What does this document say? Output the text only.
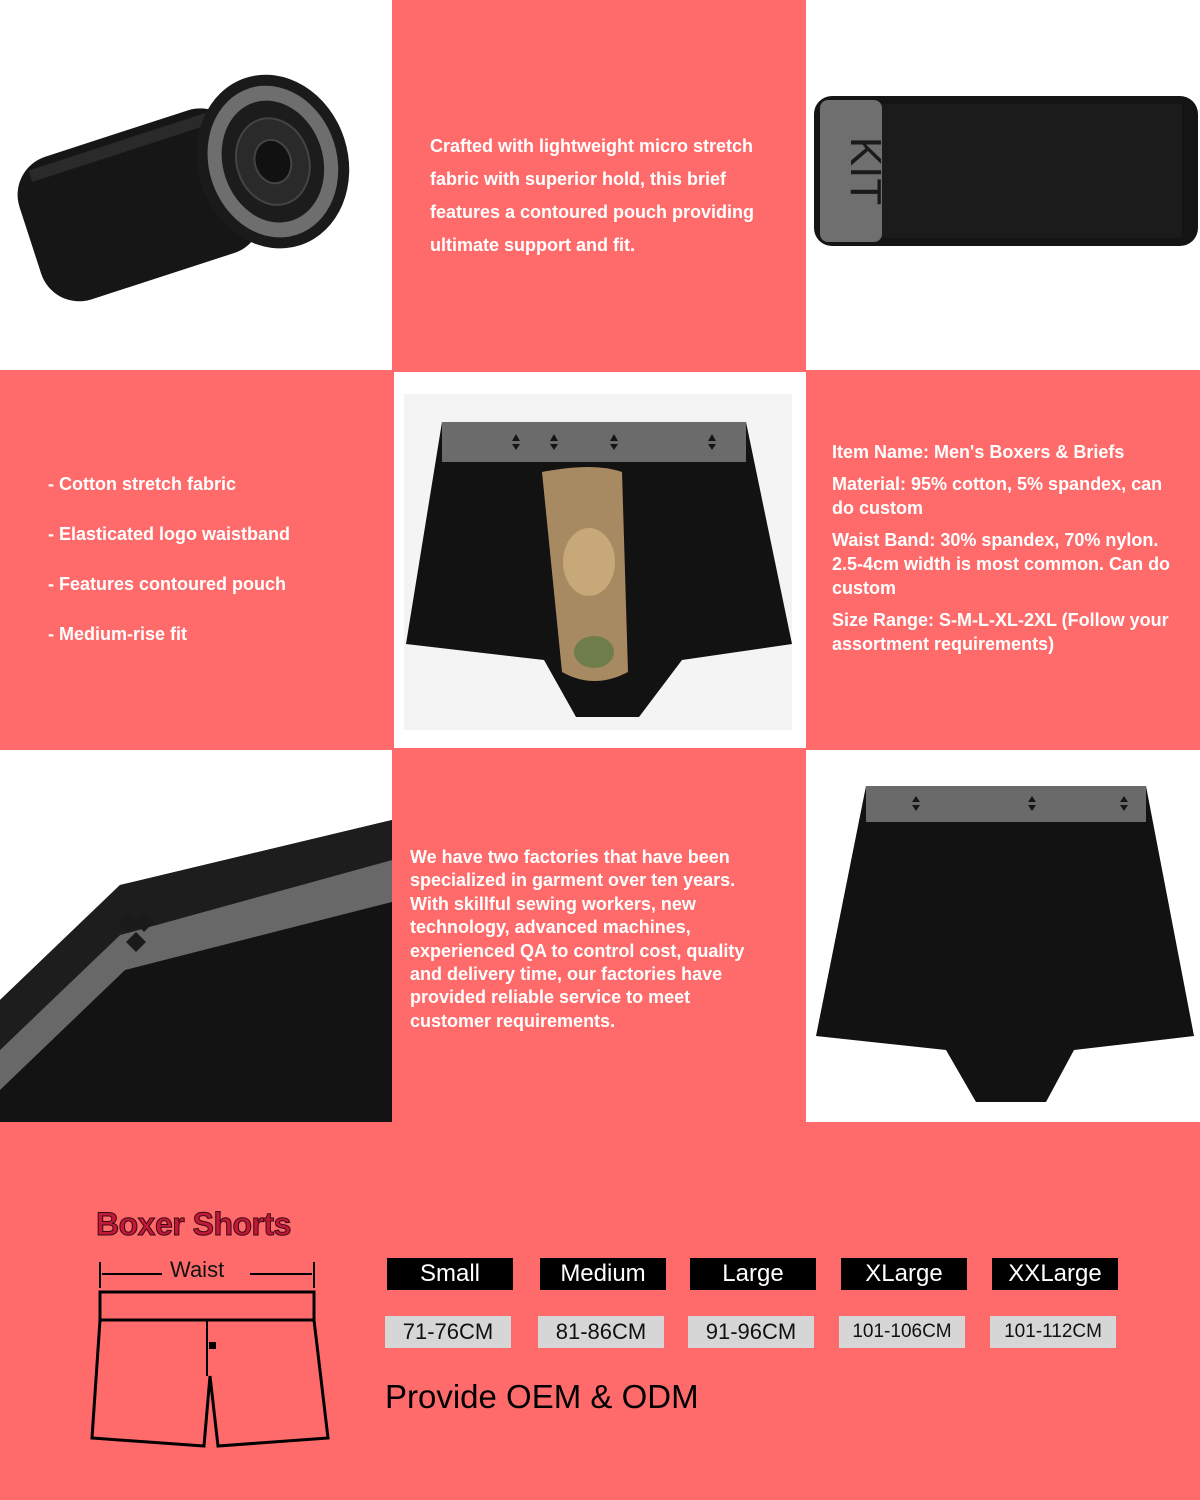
Crafted with lightweight micro stretch fabric with superior hold, this brief features a contoured pouch providing ultimate support and fit.
KIT
- Cotton stretch fabric
- Elasticated logo waistband
- Features contoured pouch
- Medium-rise fit
Item Name: Men's Boxers & Briefs
Material: 95% cotton, 5% spandex, can do custom
Waist Band: 30% spandex, 70% nylon. 2.5-4cm width is most common. Can do custom
Size Range: S-M-L-XL-2XL (Follow your assortment requirements)
We have two factories that have been specialized in garment over ten years. With skillful sewing workers, new technology, advanced machines, experienced QA to control cost, quality and delivery time, our factories have provided reliable service to meet customer requirements.
Boxer Shorts
Waist	Small	Medium	Large	XLarge	XXLarge
71-76CM	81-86CM	91-96CM	101-106CM	101-112CM
Provide OEM & ODM
